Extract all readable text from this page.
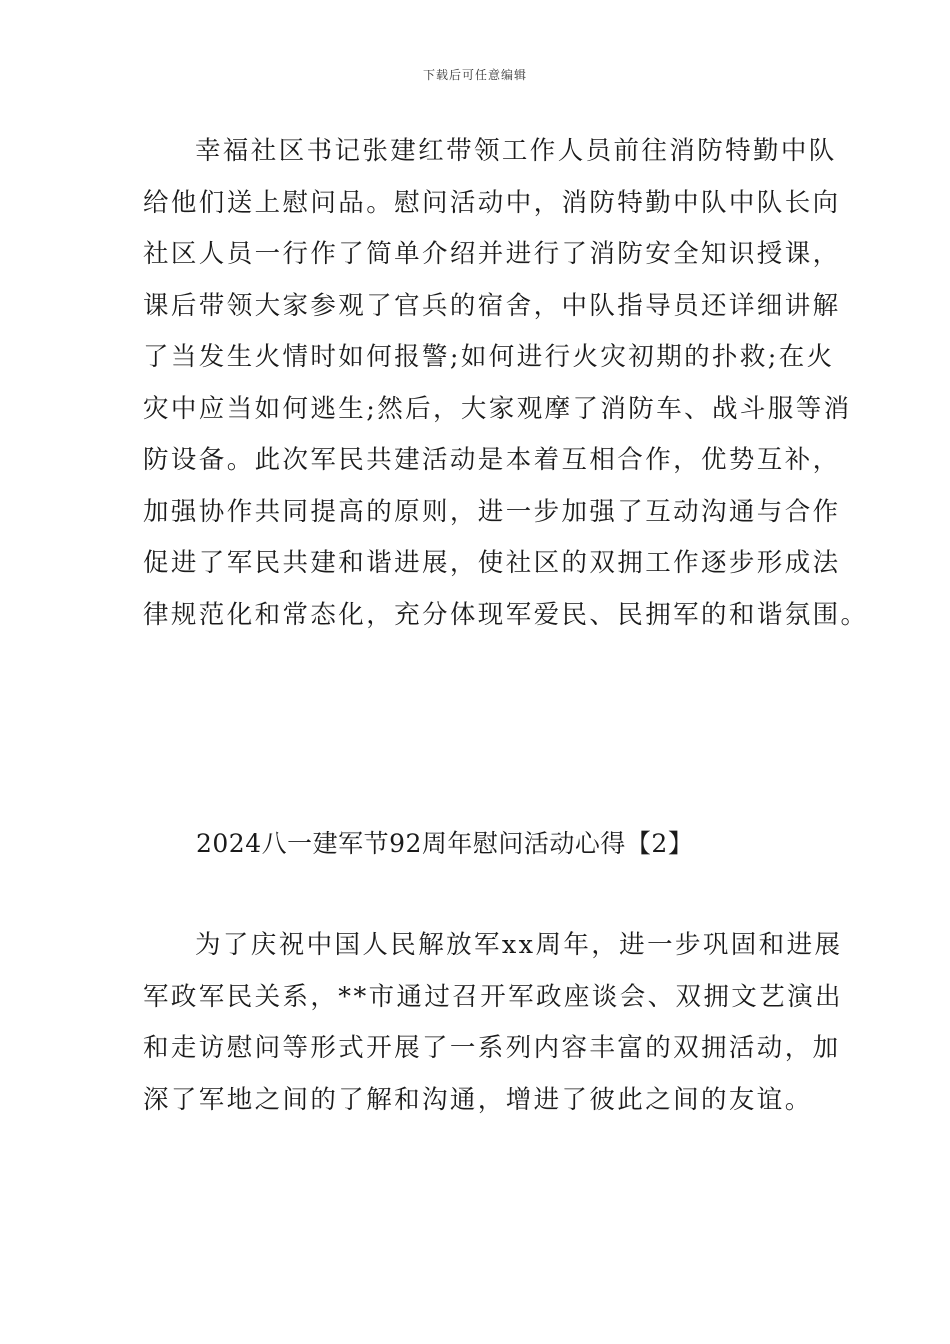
下载后可任意编辑
幸福社区书记张建红带领工作人员前往消防特勤中队
给他们送上慰问品。慰问活动中，消防特勤中队中队长向
社区人员一行作了简单介绍并进行了消防安全知识授课，
课后带领大家参观了官兵的宿舍，中队指导员还详细讲解
了当发生火情时如何报警;如何进行火灾初期的扑救;在火
灾中应当如何逃生;然后，大家观摩了消防车、战斗服等消
防设备。此次军民共建活动是本着互相合作，优势互补，
加强协作共同提高的原则，进一步加强了互动沟通与合作
促进了军民共建和谐进展，使社区的双拥工作逐步形成法
律规范化和常态化，充分体现军爱民、民拥军的和谐氛围。
2024八一建军节92周年慰问活动心得【2】
为了庆祝中国人民解放军xx周年，进一步巩固和进展
军政军民关系，**市通过召开军政座谈会、双拥文艺演出
和走访慰问等形式开展了一系列内容丰富的双拥活动，加
深了军地之间的了解和沟通，增进了彼此之间的友谊。
